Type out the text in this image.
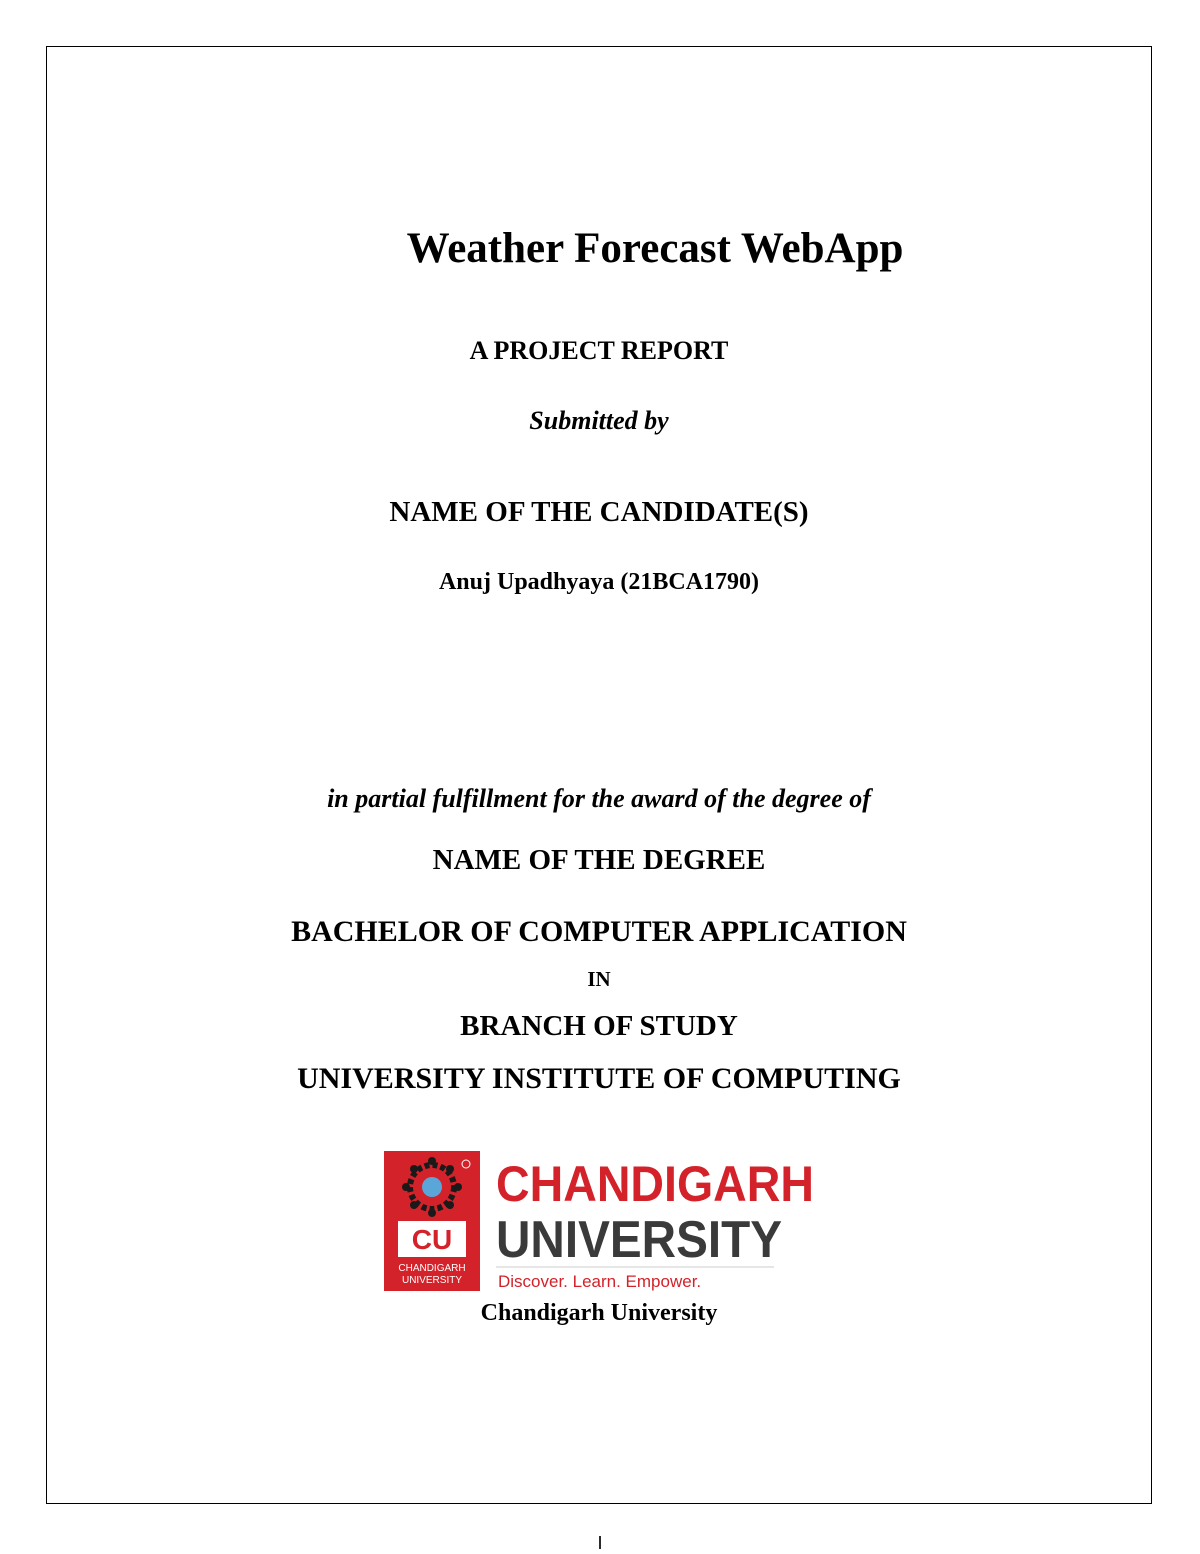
Weather Forecast WebApp
A PROJECT REPORT
Submitted by
NAME OF THE CANDIDATE(S)
Anuj Upadhyaya (21BCA1790)
in partial fulfillment for the award of the degree of
NAME OF THE DEGREE
BACHELOR OF COMPUTER APPLICATION
IN
BRANCH OF STUDY
UNIVERSITY INSTITUTE OF COMPUTING
CU
CHANDIGARH
UNIVERSITY
CHANDIGARH
UNIVERSITY
Discover. Learn. Empower.
Chandigarh University
I
